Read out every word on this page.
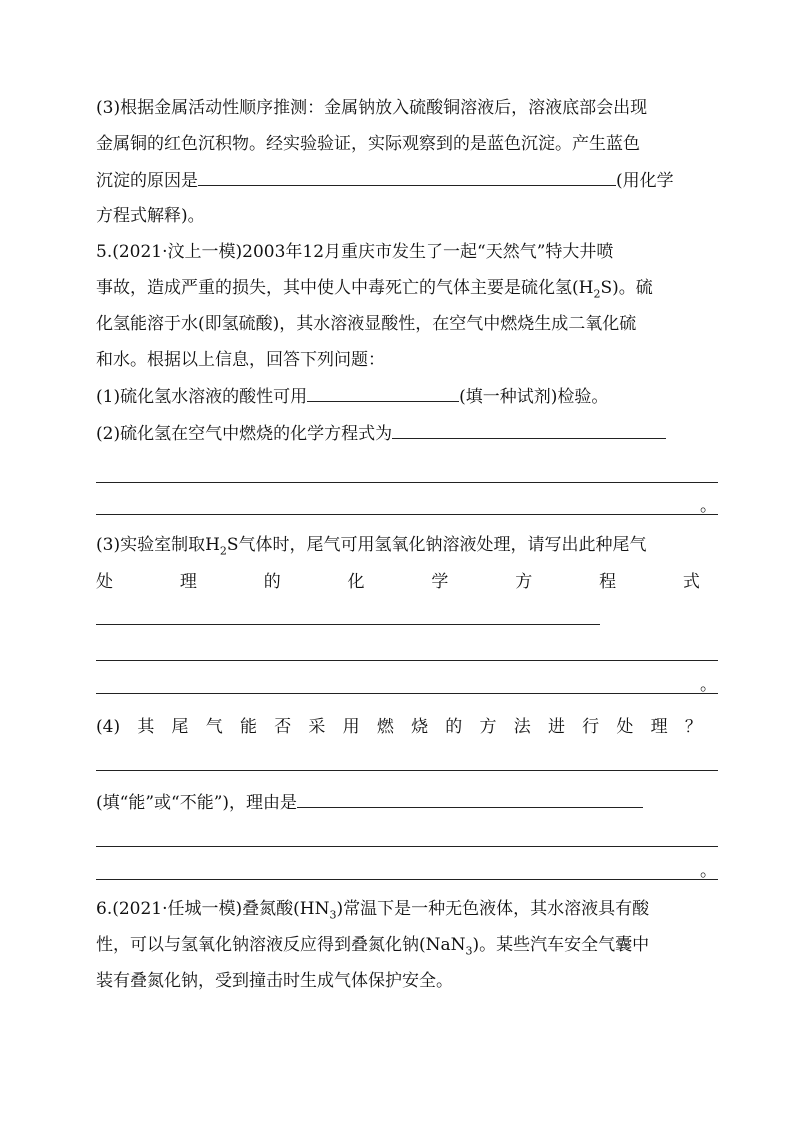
(3)根据金属活动性顺序推测：金属钠放入硫酸铜溶液后，溶液底部会出现
金属铜的红色沉积物。经实验验证，实际观察到的是蓝色沉淀。产生蓝色
沉淀的原因是	(用化学
方程式解释)。
5.(2021·汶上一模)2003年12月重庆市发生了一起“天然气”特大井喷
事故，造成严重的损失，其中使人中毒死亡的气体主要是硫化氢$(H_2S)$。硫
化氢能溶于水(即氢硫酸)，其水溶液显酸性，在空气中燃烧生成二氧化硫
和水。根据以上信息，回答下列问题：
(1)硫化氢水溶液的酸性可用	(填一种试剂)检验。
(2)硫化氢在空气中燃烧的化学方程式为
。
(3)实验室制取$H_2S$气体时，尾气可用氢氧化钠溶液处理，请写出此种尾气
处	理	的	化	学	方	程	式
。
(4) 其 尾 气 能 否 采 用 燃 烧 的 方 法 进 行 处 理 ？
(填“能”或“不能”)，理由是
。
6.(2021·任城一模)叠氮酸$(HN_3)$常温下是一种无色液体，其水溶液具有酸
性，可以与氢氧化钠溶液反应得到叠氮化钠(NaN$_3$)。某些汽车安全气囊中
装有叠氮化钠，受到撞击时生成气体保护安全。
